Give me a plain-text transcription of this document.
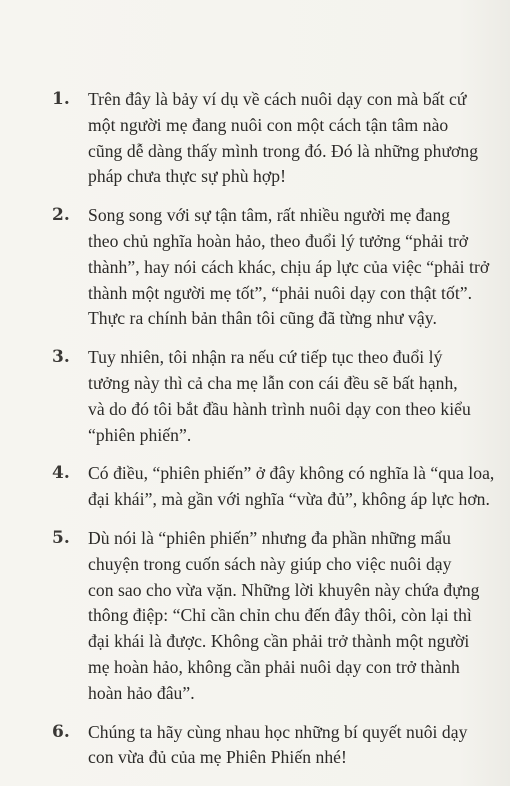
1. Trên đây là bảy ví dụ về cách nuôi dạy con mà bất cứ
một người mẹ đang nuôi con một cách tận tâm nào
cũng dễ dàng thấy mình trong đó. Đó là những phương
pháp chưa thực sự phù hợp!
2. Song song với sự tận tâm, rất nhiều người mẹ đang
theo chủ nghĩa hoàn hảo, theo đuổi lý tưởng “phải trở
thành”, hay nói cách khác, chịu áp lực của việc “phải trở
thành một người mẹ tốt”, “phải nuôi dạy con thật tốt”.
Thực ra chính bản thân tôi cũng đã từng như vậy.
3. Tuy nhiên, tôi nhận ra nếu cứ tiếp tục theo đuổi lý
tưởng này thì cả cha mẹ lẫn con cái đều sẽ bất hạnh,
và do đó tôi bắt đầu hành trình nuôi dạy con theo kiểu
“phiên phiến”.
4. Có điều, “phiên phiến” ở đây không có nghĩa là “qua loa,
đại khái”, mà gần với nghĩa “vừa đủ”, không áp lực hơn.
5. Dù nói là “phiên phiến” nhưng đa phần những mẩu
chuyện trong cuốn sách này giúp cho việc nuôi dạy
con sao cho vừa vặn. Những lời khuyên này chứa đựng
thông điệp: “Chỉ cần chỉn chu đến đây thôi, còn lại thì
đại khái là được. Không cần phải trở thành một người
mẹ hoàn hảo, không cần phải nuôi dạy con trở thành
hoàn hảo đâu”.
6. Chúng ta hãy cùng nhau học những bí quyết nuôi dạy
con vừa đủ của mẹ Phiên Phiến nhé!
